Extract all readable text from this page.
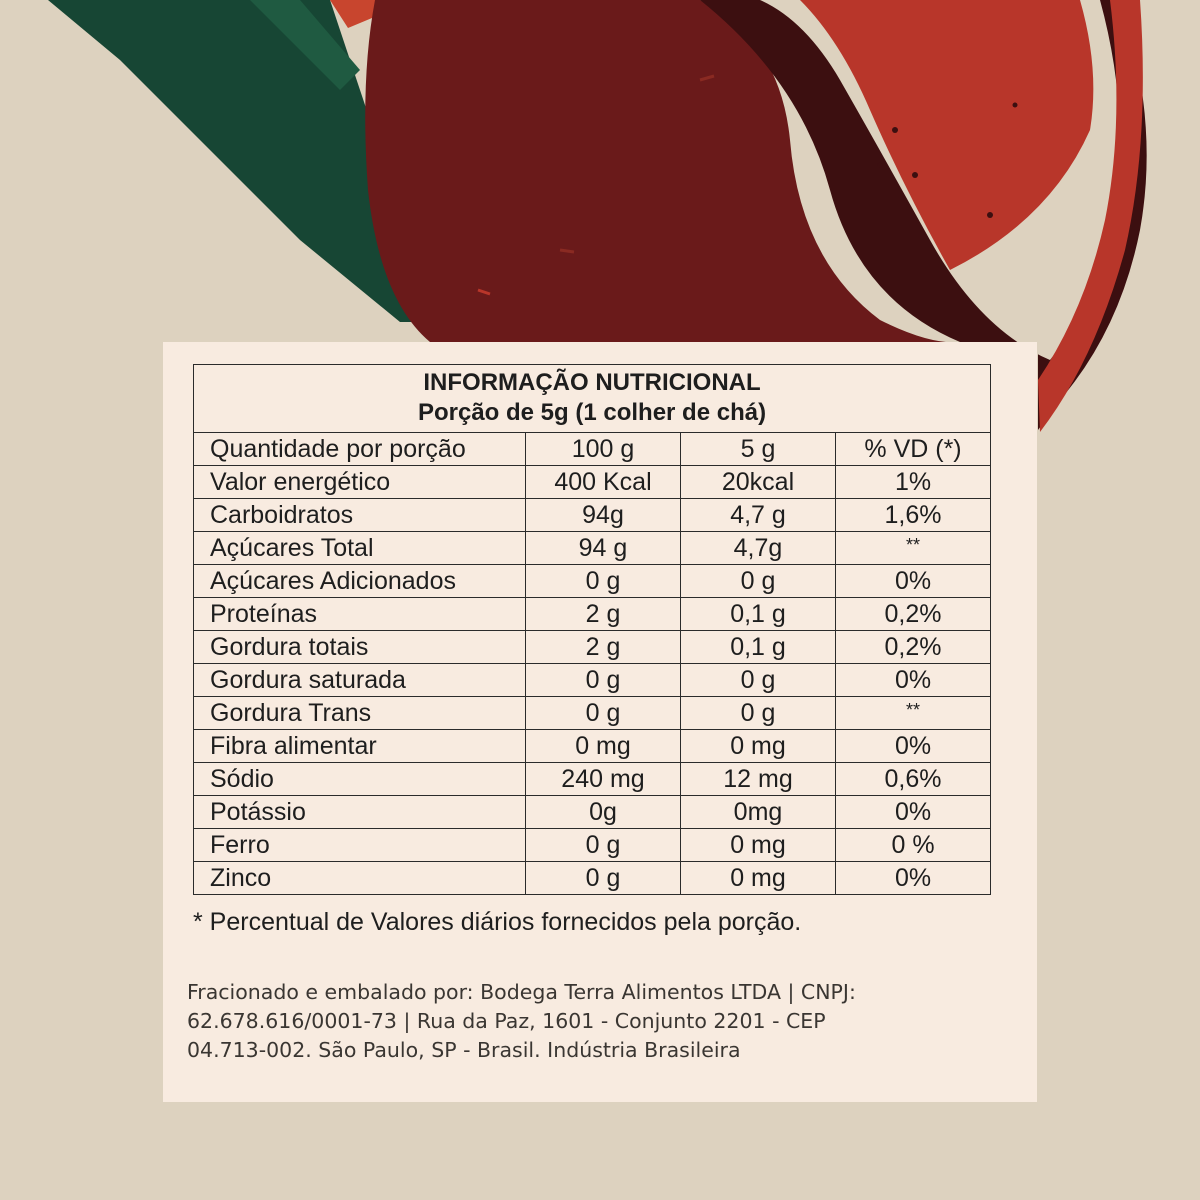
INFORMAÇÃO NUTRICIONAL
Porção de 5g (1 colher de chá)			

Quantidade por porção	100 g	5 g	% VD (*)
Valor energético	400 Kcal	20kcal	1%
Carboidratos	94g	4,7 g	1,6%
Açúcares Total	94 g	4,7g	**
Açúcares Adicionados	0 g	0 g	0%
Proteínas	2 g	0,1 g	0,2%
Gordura totais	2 g	0,1 g	0,2%
Gordura saturada	0 g	0 g	0%
Gordura Trans	0 g	0 g	**
Fibra alimentar	0 mg	0 mg	0%
Sódio	240 mg	12 mg	0,6%
Potássio	0g	0mg	0%
Ferro	0 g	0 mg	0 %
Zinco	0 g	0 mg	0%
* Percentual de Valores diários fornecidos pela porção.
Fracionado e embalado por: Bodega Terra Alimentos LTDA | CNPJ:
62.678.616/0001-73 | Rua da Paz, 1601 - Conjunto 2201 - CEP
04.713-002. São Paulo, SP - Brasil. Indústria Brasileira
